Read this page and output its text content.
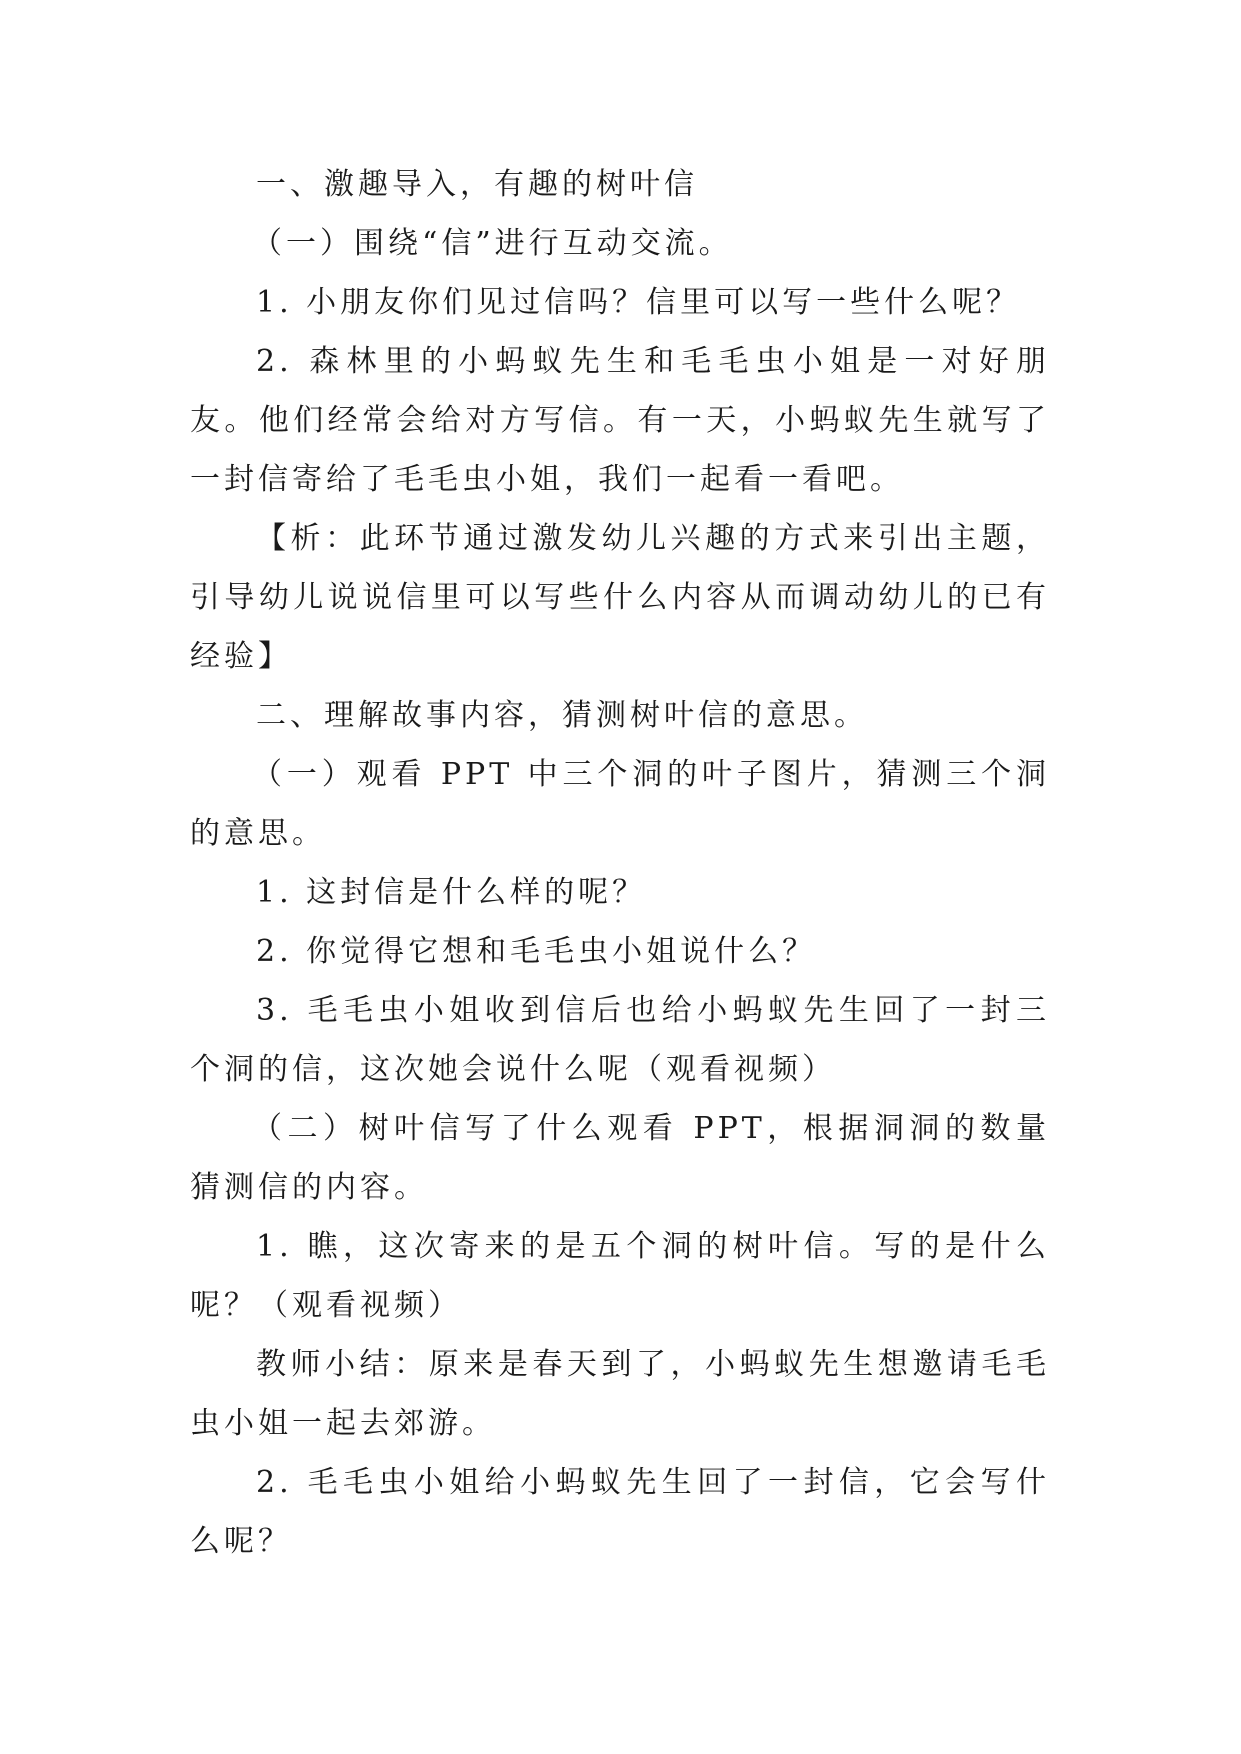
一、激趣导入，有趣的树叶信

（一）围绕“信”进行互动交流。

1. 小朋友你们见过信吗？信里可以写一些什么呢？

2. 森林里的小蚂蚁先生和毛毛虫小姐是一对好朋友。他们经常会给对方写信。有一天，小蚂蚁先生就写了一封信寄给了毛毛虫小姐，我们一起看一看吧。

【析：此环节通过激发幼儿兴趣的方式来引出主题，引导幼儿说说信里可以写些什么内容从而调动幼儿的已有经验】

二、理解故事内容，猜测树叶信的意思。

（一）观看 PPT 中三个洞的叶子图片，猜测三个洞的意思。

1. 这封信是什么样的呢？

2. 你觉得它想和毛毛虫小姐说什么？

3. 毛毛虫小姐收到信后也给小蚂蚁先生回了一封三个洞的信，这次她会说什么呢（观看视频）

（二）树叶信写了什么观看 PPT，根据洞洞的数量猜测信的内容。

1. 瞧，这次寄来的是五个洞的树叶信。写的是什么呢？（观看视频）

教师小结：原来是春天到了，小蚂蚁先生想邀请毛毛虫小姐一起去郊游。

2. 毛毛虫小姐给小蚂蚁先生回了一封信，它会写什么呢？
